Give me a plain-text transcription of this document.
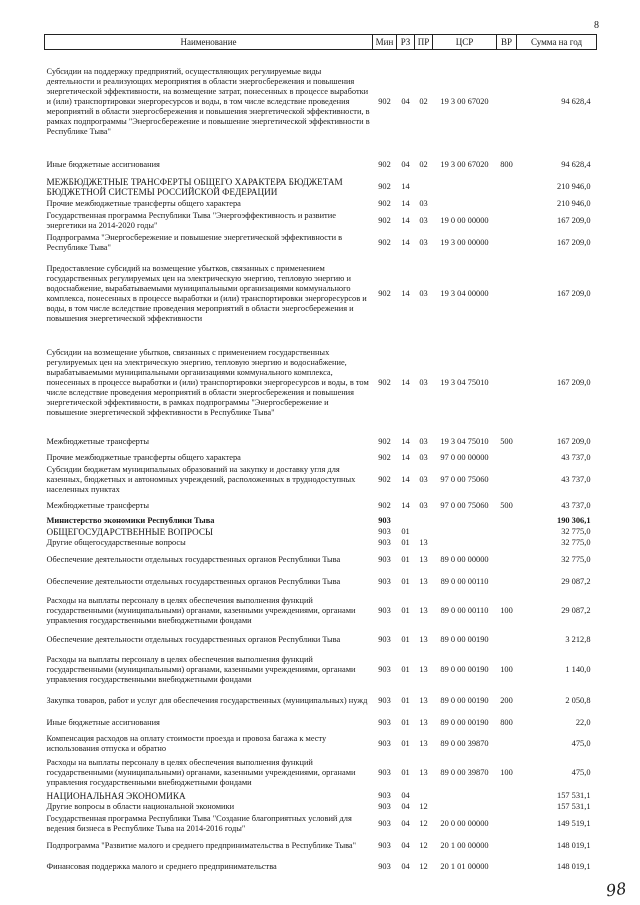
8
Наименование	Мин	РЗ	ПР	ЦСР	ВР	Сумма на год
Субсидии на поддержку предприятий, осуществляющих регулируемые виды деятельности и реализующих мероприятия в области энергосбережения и повышения энергетической эффективности, на возмещение затрат, понесенных в процессе выработки и (или) транспортировки энергоресурсов и воды, в том числе вследствие проведения мероприятий в области энергосбережения и повышения энергетической эффективности, в рамках подпрограммы "Энергосбережение и повышение энергетической эффективности в Республике Тыва"	902	04	02	19 3 00 67020		94 628,4
Иные бюджетные ассигнования	902	04	02	19 3 00 67020	800	94 628,4
МЕЖБЮДЖЕТНЫЕ ТРАНСФЕРТЫ ОБЩЕГО ХАРАКТЕРА БЮДЖЕТАМ БЮДЖЕТНОЙ СИСТЕМЫ РОССИЙСКОЙ ФЕДЕРАЦИИ	902	14				210 946,0
Прочие межбюджетные трансферты общего характера	902	14	03			210 946,0
Государственная программа Республики Тыва "Энергоэффективность и развитие энергетики на 2014-2020 годы"	902	14	03	19 0 00 00000		167 209,0
Подпрограмма "Энергосбережение и повышение энергетической эффективности в Республике Тыва"	902	14	03	19 3 00 00000		167 209,0
Предоставление субсидий на возмещение убытков, связанных с применением государственных регулируемых цен на электрическую энергию, тепловую энергию и водоснабжение, вырабатываемыми муниципальными организациями коммунального комплекса, понесенных в процессе выработки и (или) транспортировки энергоресурсов и воды, в том числе вследствие проведения мероприятий в области энергосбережения и повышения энергетической эффективности	902	14	03	19 3 04 00000		167 209,0
Субсидии на возмещение убытков, связанных с применением государственных регулируемых цен на электрическую энергию, тепловую энергию и водоснабжение, вырабатываемыми муниципальными организациями коммунального комплекса, понесенных в процессе выработки и (или) транспортировки энергоресурсов и воды, в том числе вследствие проведения мероприятий в области энергосбережения и повышения энергетической эффективности, в рамках подпрограммы "Энергосбережение и повышение энергетической эффективности в Республике Тыва"	902	14	03	19 3 04 75010		167 209,0
Межбюджетные трансферты	902	14	03	19 3 04 75010	500	167 209,0
Прочие межбюджетные трансферты общего характера	902	14	03	97 0 00 00000		43 737,0
Субсидии бюджетам муниципальных образований на закупку и доставку угля для казенных, бюджетных и автономных учреждений, расположенных в труднодоступных населенных пунктах	902	14	03	97 0 00 75060		43 737,0
Межбюджетные трансферты	902	14	03	97 0 00 75060	500	43 737,0
Министерство экономики Республики Тыва	903					190 306,1
ОБЩЕГОСУДАРСТВЕННЫЕ ВОПРОСЫ	903	01				32 775,0
Другие общегосударственные вопросы	903	01	13			32 775,0
Обеспечение деятельности отдельных государственных органов Республики Тыва	903	01	13	89 0 00 00000		32 775,0
Обеспечение деятельности отдельных государственных органов Республики Тыва	903	01	13	89 0 00 00110		29 087,2
Расходы на выплаты персоналу в целях обеспечения выполнения функций государственными (муниципальными) органами, казенными учреждениями, органами управления государственными внебюджетными фондами	903	01	13	89 0 00 00110	100	29 087,2
Обеспечение деятельности отдельных государственных органов Республики Тыва	903	01	13	89 0 00 00190		3 212,8
Расходы на выплаты персоналу в целях обеспечения выполнения функций государственными (муниципальными) органами, казенными учреждениями, органами управления государственными внебюджетными фондами	903	01	13	89 0 00 00190	100	1 140,0
Закупка товаров, работ и услуг для обеспечения государственных (муниципальных) нужд	903	01	13	89 0 00 00190	200	2 050,8
Иные бюджетные ассигнования	903	01	13	89 0 00 00190	800	22,0
Компенсация расходов на оплату стоимости проезда и провоза багажа к месту использования отпуска и обратно	903	01	13	89 0 00 39870		475,0
Расходы на выплаты персоналу в целях обеспечения выполнения функций государственными (муниципальными) органами, казенными учреждениями, органами управления государственными внебюджетными фондами	903	01	13	89 0 00 39870	100	475,0
НАЦИОНАЛЬНАЯ ЭКОНОМИКА	903	04				157 531,1
Другие вопросы в области национальной экономики	903	04	12			157 531,1
Государственная программа Республики Тыва "Создание благоприятных условий для ведения бизнеса в Республике Тыва на 2014-2016 годы"	903	04	12	20 0 00 00000		149 519,1
Подпрограмма "Развитие малого и среднего предпринимательства в Республике Тыва"	903	04	12	20 1 00 00000		148 019,1
Финансовая поддержка малого и среднего предпринимательства	903	04	12	20 1 01 00000		148 019,1
98
